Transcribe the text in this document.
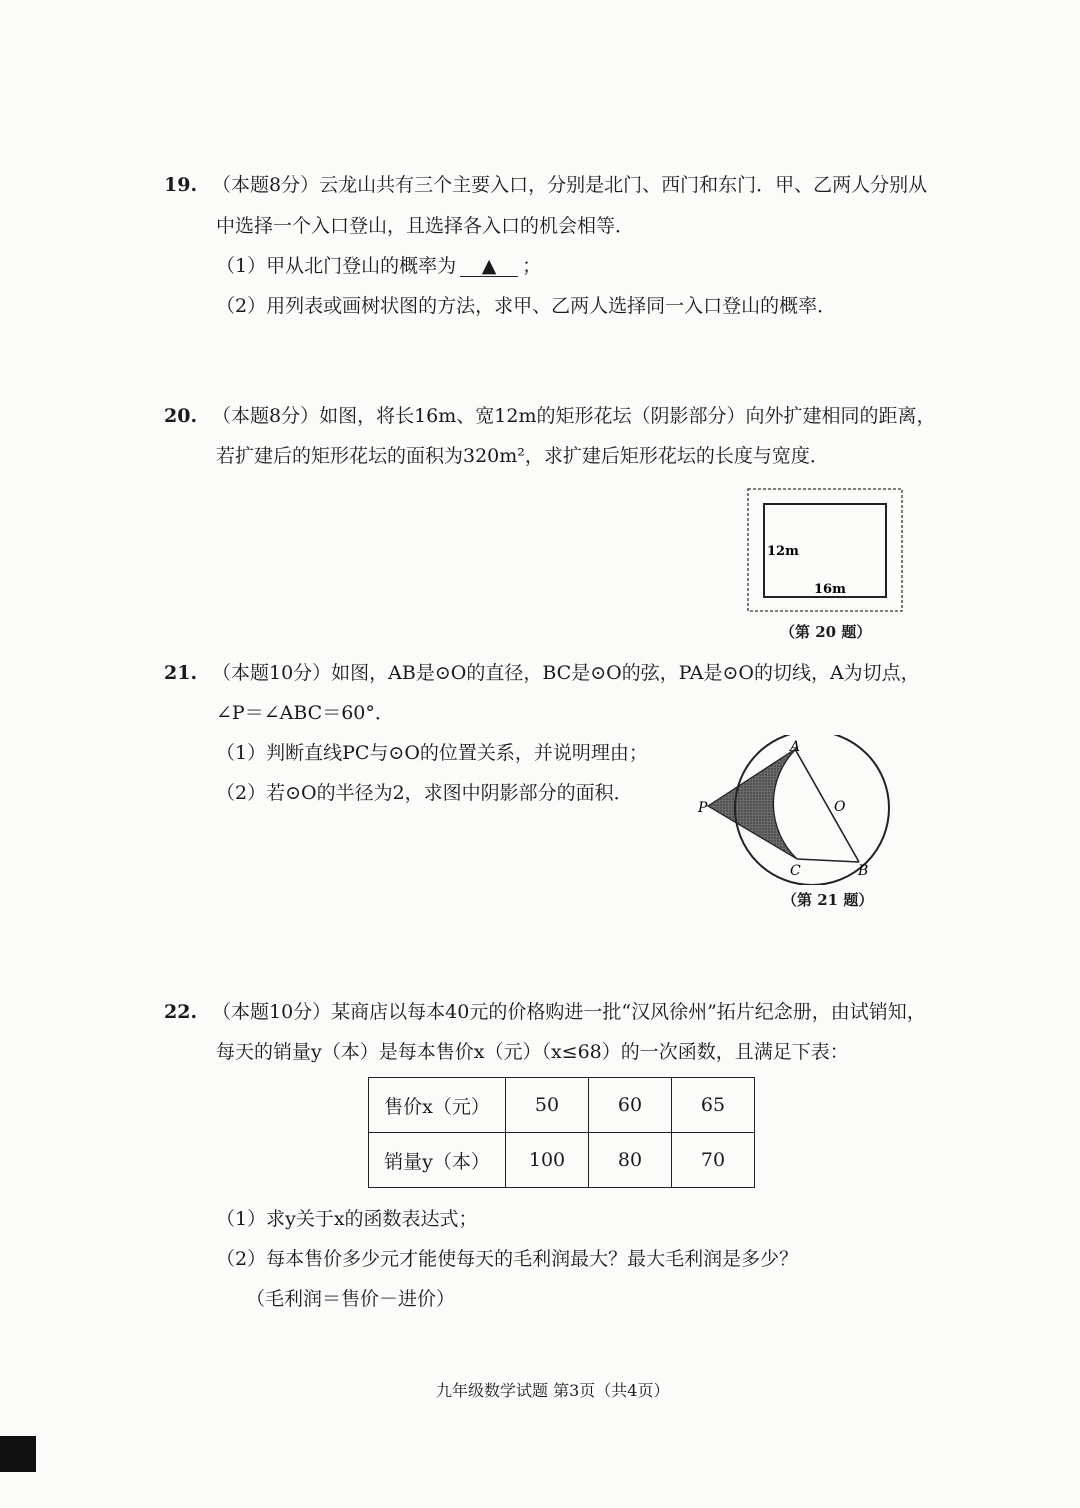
19. （本题8分）云龙山共有三个主要入口，分别是北门、西门和东门．甲、乙两人分别从
中选择一个入口登山，且选择各入口的机会相等．
（1）甲从北门登山的概率为 ▲ ；
（2）用列表或画树状图的方法，求甲、乙两人选择同一入口登山的概率．
20. （本题8分）如图，将长16m、宽12m的矩形花坛（阴影部分）向外扩建相同的距离，
若扩建后的矩形花坛的面积为320m²，求扩建后矩形花坛的长度与宽度．
12m
16m
（第 20 题）
21. （本题10分）如图，AB是⊙O的直径，BC是⊙O的弦，PA是⊙O的切线，A为切点，
∠P＝∠ABC＝60°．
（1）判断直线PC与⊙O的位置关系，并说明理由；
（2）若⊙O的半径为2，求图中阴影部分的面积．
A
O
P
C	B
（第 21 题）
22. （本题10分）某商店以每本40元的价格购进一批“汉风徐州”拓片纪念册，由试销知，
每天的销量y（本）是每本售价x（元）（x≤68）的一次函数，且满足下表：
售价x（元）	50	60	65
销量y（本）	100	80	70
（1）求y关于x的函数表达式；
（2）每本售价多少元才能使每天的毛利润最大？最大毛利润是多少？
（毛利润＝售价－进价）
九年级数学试题 第3页（共4页）
